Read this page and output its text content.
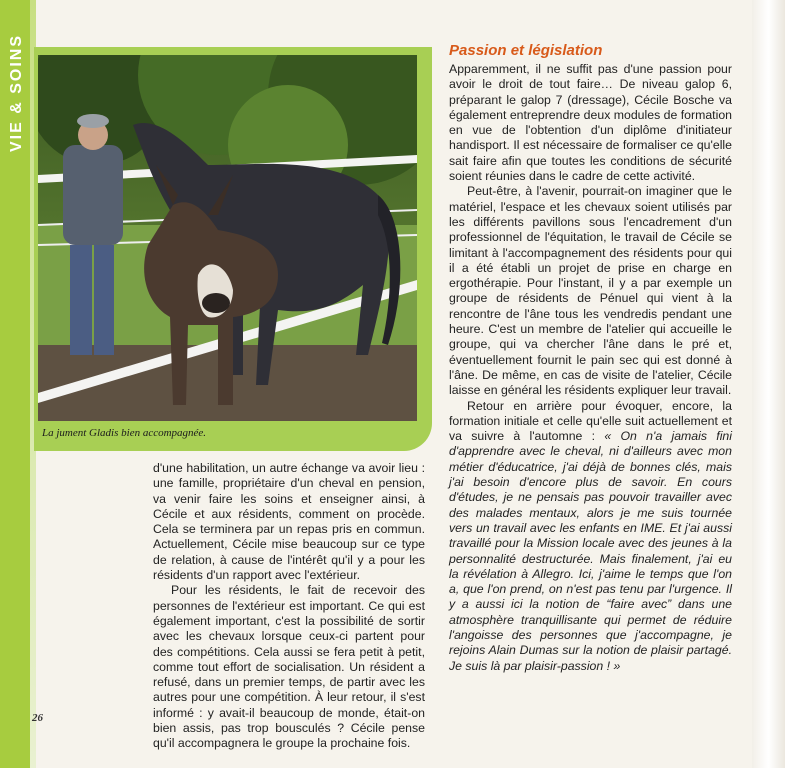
VIE & SOINS
26
La jument Gladis bien accompagnée.

d'une habilitation, un autre échange va avoir lieu : une famille, propriétaire d'un cheval en pension, va venir faire les soins et enseigner ainsi, à Cécile et aux résidents, comment on procède. Cela se terminera par un repas pris en commun. Actuellement, Cécile mise beaucoup sur ce type de relation, à cause de l'intérêt qu'il y a pour les résidents d'un rapport avec l'extérieur.

Pour les résidents, le fait de recevoir des personnes de l'extérieur est important. Ce qui est également important, c'est la possibilité de sortir avec les chevaux lorsque ceux-ci partent pour des compétitions. Cela aussi se fera petit à petit, comme tout effort de socialisation. Un résident a refusé, dans un premier temps, de partir avec les autres pour une compétition. À leur retour, il s'est informé : y avait-il beaucoup de monde, était-on bien assis, pas trop bousculés ? Cécile pense qu'il accompagnera le groupe la prochaine fois.

Passion et législation

Apparemment, il ne suffit pas d'une passion pour avoir le droit de tout faire… De niveau galop 6, préparant le galop 7 (dressage), Cécile Bosche va également entreprendre deux modules de formation en vue de l'obtention d'un diplôme d'initiateur handisport. Il est nécessaire de formaliser ce qu'elle sait faire afin que toutes les conditions de sécurité soient réunies dans le cadre de cette activité.

Peut-être, à l'avenir, pourrait-on imaginer que le matériel, l'espace et les chevaux soient utilisés par les différents pavillons sous l'encadrement d'un professionnel de l'équitation, le travail de Cécile se limitant à l'accompagnement des résidents pour qui il a été établi un projet de prise en charge en ergothérapie. Pour l'instant, il y a par exemple un groupe de résidents de Pénuel qui vient à la rencontre de l'âne tous les vendredis pendant une heure. C'est un membre de l'atelier qui accueille le groupe, qui va chercher l'âne dans le pré et, éventuellement fournit le pain sec qui est donné à l'âne. De même, en cas de visite de l'atelier, Cécile laisse en général les résidents expliquer leur travail.

Retour en arrière pour évoquer, encore, la formation initiale et celle qu'elle suit actuellement et va suivre à l'automne : « On n'a jamais fini d'apprendre avec le cheval, ni d'ailleurs avec mon métier d'éducatrice, j'ai déjà de bonnes clés, mais j'ai besoin d'encore plus de savoir. En cours d'études, je ne pensais pas pouvoir travailler avec des malades mentaux, alors je me suis tournée vers un travail avec les enfants en IME. Et j'ai aussi travaillé pour la Mission locale avec des jeunes à la personnalité destructurée. Mais finalement, j'ai eu la révélation à Allegro. Ici, j'aime le temps que l'on a, que l'on prend, on n'est pas tenu par l'urgence. Il y a aussi ici la notion de “faire avec” dans une atmosphère tranquillisante qui permet de réduire l'angoisse des personnes que j'accompagne, je rejoins Alain Dumas sur la notion de plaisir partagé. Je suis là par plaisir-passion ! »
